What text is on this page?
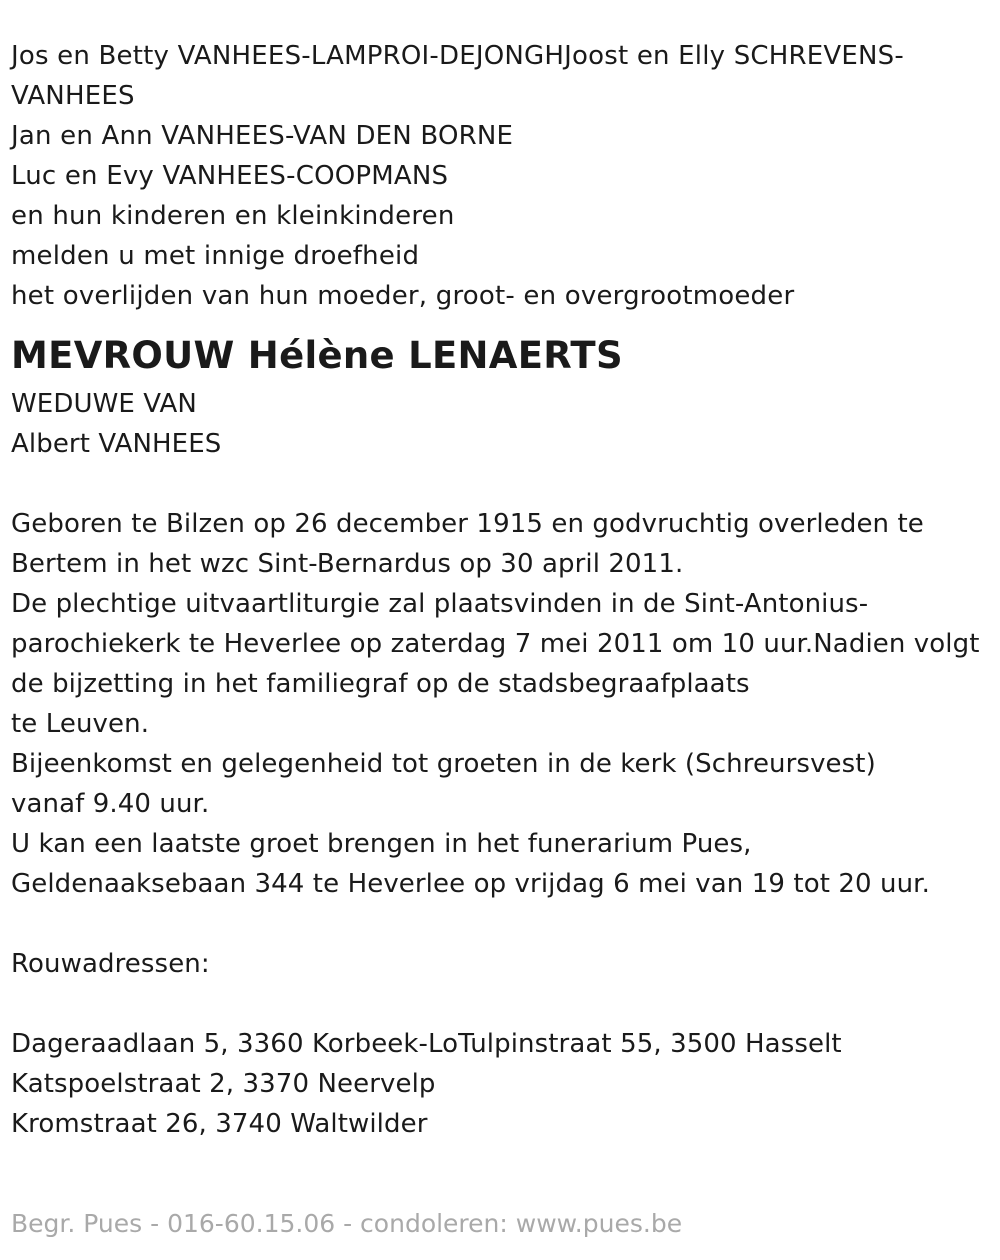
Jos en Betty VANHEES-LAMPROI-DEJONGHJoost en Elly SCHREVENS-
VANHEES
Jan en Ann VANHEES-VAN DEN BORNE
Luc en Evy VANHEES-COOPMANS
en hun kinderen en kleinkinderen
melden u met innige droefheid
het overlijden van hun moeder, groot- en overgrootmoeder
MEVROUW Hélène LENAERTS
WEDUWE VAN
Albert VANHEES
Geboren te Bilzen op 26 december 1915 en godvruchtig overleden te
Bertem in het wzc Sint-Bernardus op 30 april 2011.
De plechtige uitvaartliturgie zal plaatsvinden in de Sint-Antonius-
parochiekerk te Heverlee op zaterdag 7 mei 2011 om 10 uur.Nadien volgt
de bijzetting in het familiegraf op de stadsbegraafplaats
te Leuven.
Bijeenkomst en gelegenheid tot groeten in de kerk (Schreursvest)
vanaf 9.40 uur.
U kan een laatste groet brengen in het funerarium Pues,
Geldenaaksebaan 344 te Heverlee op vrijdag 6 mei van 19 tot 20 uur.
Rouwadressen:
Dageraadlaan 5, 3360 Korbeek-LoTulpinstraat 55, 3500 Hasselt
Katspoelstraat 2, 3370 Neervelp
Kromstraat 26, 3740 Waltwilder
Begr. Pues - 016-60.15.06 - condoleren: www.pues.be
